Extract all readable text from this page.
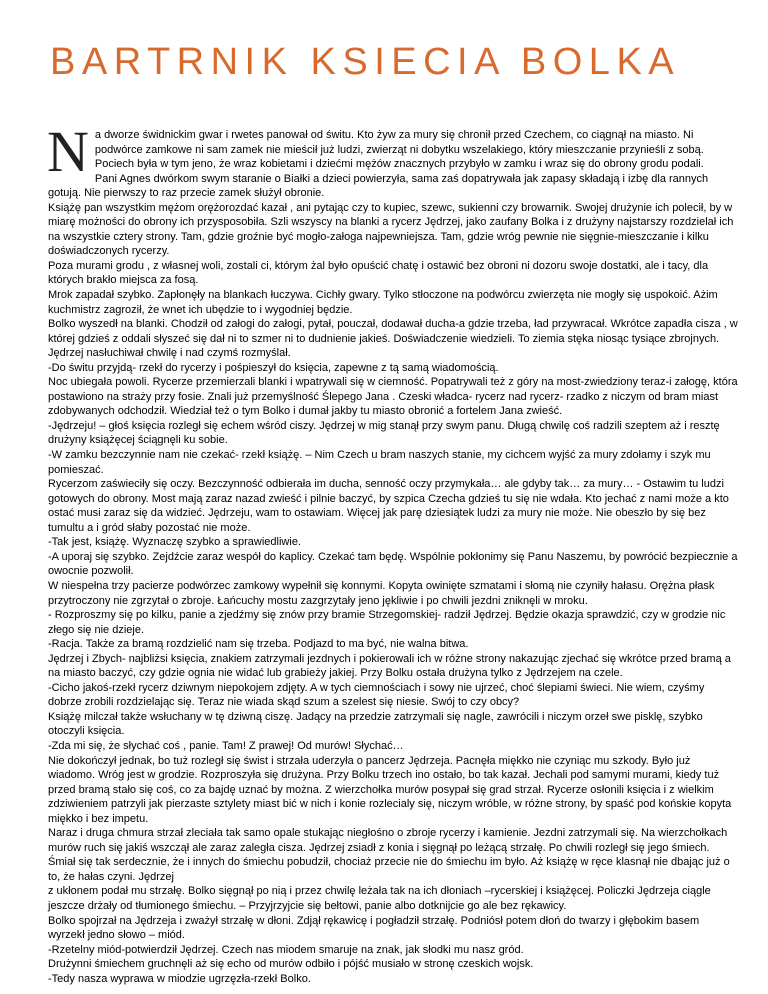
BARTRNIK KSIECIA BOLKA

Na dworze świdnickim gwar i rwetes panował od świtu. Kto żyw za mury się chronił przed Czechem, co ciągnął na miasto. Ni podwórce zamkowe ni sam zamek nie mieścił już ludzi, zwierząt ni dobytku wszelakiego, który mieszczanie przynieśli z sobą. Pociech była w tym jeno, że wraz kobietami i dziećmi mężów znacznych przybyło w zamku i wraz się do obrony grodu podali.

Pani Agnes dwórkom swym staranie o Białki a dzieci powierzyła, sama zaś dopatrywała jak zapasy składają i izbę dla rannych gotują. Nie pierwszy to raz przecie zamek służył obronie.

Książę pan wszystkim mężom orężorozdać kazał , ani pytając czy to kupiec, szewc, sukienni czy browarnik. Swojej drużynie ich polecił, by w miarę możności do obrony ich przysposobiła. Szli wszyscy na blanki a rycerz Jędrzej, jako zaufany Bolka i z drużyny najstarszy rozdzielał ich na wszystkie cztery strony. Tam, gdzie groźnie być mogło-załoga najpewniejsza. Tam, gdzie wróg pewnie nie sięgnie-mieszczanie i kilku doświadczonych rycerzy.

Poza murami grodu , z własnej woli, zostali ci, którym żal było opuścić chatę i ostawić bez obroni ni dozoru swoje dostatki, ale i tacy, dla których brakło miejsca za fosą.

Mrok zapadał szybko. Zapłonęły na blankach łuczywa. Cichły gwary. Tylko stłoczone na podwórcu zwierzęta nie mogły się uspokoić. Ażim kuchmistrz zagroził, że wnet ich ubędzie to i wygodniej będzie.

Bolko wyszedł na blanki. Chodził od załogi do załogi, pytał, pouczał, dodawał ducha-a gdzie trzeba, ład przywracał. Wkrótce zapadła cisza , w której gdzieś z oddali słyszeć się dał ni to szmer ni to dudnienie jakieś. Doświadczenie wiedzieli. To ziemia stęka niosąc tysiące zbrojnych. Jędrzej nasłuchiwał chwilę i nad czymś rozmyślał.

-Do świtu przyjdą- rzekł do rycerzy i pośpieszył do księcia, zapewne z tą samą wiadomością.

Noc ubiegała powoli. Rycerze przemierzali blanki i wpatrywali się w ciemność. Popatrywali też z góry na most-zwiedziony teraz-i załogę, która postawiono na straży przy fosie. Znali już przemyślność Ślepego Jana . Czeski władca- rycerz nad rycerz- rzadko z niczym od bram miast zdobywanych odchodził. Wiedział też o tym Bolko i dumał jakby tu miasto obronić a fortelem Jana zwieść.

-Jędrzeju! – głoś księcia rozległ się echem wśród ciszy. Jędrzej w mig stanął przy swym panu. Długą chwilę coś radzili szeptem aż i resztę drużyny książęcej ściągnęli ku sobie.

-W zamku bezczynnie nam nie czekać- rzekł książę. – Nim Czech u bram naszych stanie, my cichcem wyjść za mury zdołamy i szyk mu pomieszać.

Rycerzom zaświeciły się oczy. Bezczynność odbierała im ducha, senność oczy przymykała… ale gdyby tak… za mury… - Ostawim tu ludzi gotowych do obrony. Most mają zaraz nazad zwieść i pilnie baczyć, by szpica Czecha gdzieś tu się nie wdała. Kto jechać z nami może a kto ostać musi zaraz się da widzieć. Jędrzeju, wam to ostawiam. Więcej jak parę dziesiątek ludzi za mury nie może. Nie obeszło by się bez tumultu a i gród słaby pozostać nie może.

-Tak jest, książę. Wyznaczę szybko a sprawiedliwie.

-A uporaj się szybko. Zejdźcie zaraz wespół do kaplicy. Czekać tam będę. Wspólnie pokłonimy się Panu Naszemu, by powrócić bezpiecznie a owocnie pozwolił.

W niespełna trzy pacierze podwórzec zamkowy wypełnił się konnymi. Kopyta owinięte szmatami i słomą nie czyniły hałasu. Orężna płask przytroczony nie zgrzytał o zbroje. Łańcuchy mostu zazgrzytały jeno jękliwie i po chwili jezdni zniknęli w mroku.

- Rozproszmy się po kilku, panie a zjedźmy się znów przy bramie Strzegomskiej- radził Jędrzej. Będzie okazja sprawdzić, czy w grodzie nic złego się nie dzieje.

-Racja. Także za bramą rozdzielić nam się trzeba. Podjazd to ma być, nie walna bitwa.

Jędrzej i Zbych- najbliżsi księcia, znakiem zatrzymali jezdnych i pokierowali ich w różne strony nakazując zjechać się wkrótce przed bramą a na miasto baczyć, czy gdzie ognia nie widać lub grabieży jakiej. Przy Bolku ostała drużyna tylko z Jędrzejem na czele.

-Cicho jakoś-rzekł rycerz dziwnym niepokojem zdjęty. A w tych ciemnościach i sowy nie ujrzeć, choć ślepiami świeci. Nie wiem, czyśmy dobrze zrobili rozdzielając się. Teraz nie wiada skąd szum a szelest się niesie. Swój to czy obcy?

Książę milczał także wsłuchany w tę dziwną ciszę. Jadący na przedzie zatrzymali się nagle, zawrócili i niczym orzeł swe pisklę, szybko otoczyli księcia.

-Zda mi się, że słychać coś , panie. Tam! Z prawej! Od murów! Słychać…

Nie dokończył jednak, bo tuż rozległ się świst i strzała uderzyła o pancerz Jędrzeja. Pacnęła miękko nie czyniąc mu szkody. Było już wiadomo. Wróg jest w grodzie. Rozproszyła się drużyna. Przy Bolku trzech ino ostało, bo tak kazał. Jechali pod samymi murami, kiedy tuż przed bramą stało się coś, co za bajdę uznać by można. Z wierzchołka murów posypał się grad strzał. Rycerze osłonili księcia i z wielkim zdziwieniem patrzyli jak pierzaste sztylety miast bić w nich i konie rozlecialy się, niczym wróble, w różne strony, by spaść pod końskie kopyta miękko i bez impetu.

Naraz i druga chmura strzał zleciała tak samo opale stukając niegłośno o zbroje rycerzy i kamienie. Jezdni zatrzymali się. Na wierzchołkach murów ruch się jakiś wszczął ale zaraz zaległa cisza. Jędrzej zsiadł z konia i sięgnął po leżącą strzałę. Po chwili rozległ się jego śmiech. Śmiał się tak serdecznie, że i innych do śmiechu pobudził, chociaż przecie nie do śmiechu im było. Aż książę w ręce klasnął nie dbając już o to, że hałas czyni. Jędrzej

z ukłonem podał mu strzałę. Bolko sięgnął po nią i przez chwilę leżała tak na ich dłoniach –rycerskiej i książęcej. Policzki Jędrzeja ciągle jeszcze drżały od tłumionego śmiechu. – Przyjrzyjcie się bełtowi, panie albo dotknijcie go ale bez rękawicy.

Bolko spojrzał na Jędrzeja i zważył strzałę w dłoni. Zdjął rękawicę i pogładził strzałę. Podniósł potem dłoń do twarzy i głębokim basem wyrzekł jedno słowo – miód.

-Rzetelny miód-potwierdził Jędrzej. Czech nas miodem smaruje na znak, jak słodki mu nasz gród.

Drużynni śmiechem gruchnęli aż się echo od murów odbiło i pójść musiało w stronę czeskich wojsk.

-Tedy nasza wyprawa w miodzie ugrzęzła-rzekł Bolko.
